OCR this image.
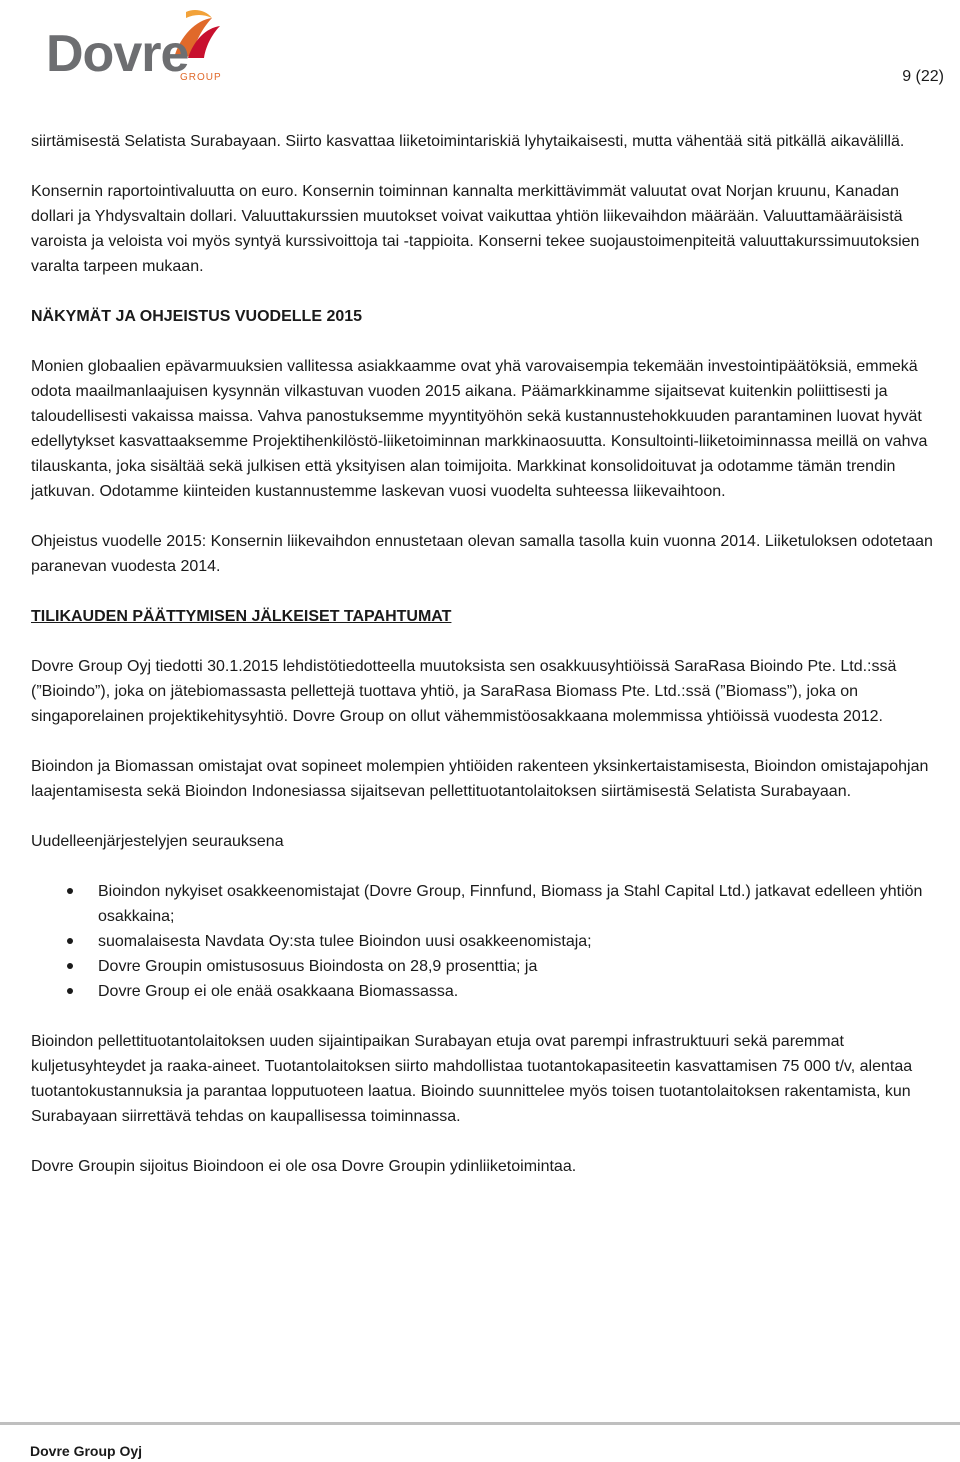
Dovre
GROUP	9 (22)

siirtämisestä Selatista Surabayaan. Siirto kasvattaa liiketoimintariskiä lyhytaikaisesti, mutta vähentää sitä pitkällä aikavälillä.

Konsernin raportointivaluutta on euro. Konsernin toiminnan kannalta merkittävimmät valuutat ovat Norjan kruunu, Kanadan dollari ja Yhdysvaltain dollari. Valuuttakurssien muutokset voivat vaikuttaa yhtiön liikevaihdon määrään. Valuuttamääräisistä varoista ja veloista voi myös syntyä kurssivoittoja tai -tappioita. Konserni tekee suojaustoimenpiteitä valuuttakurssimuutoksien varalta tarpeen mukaan.

NÄKYMÄT JA OHJEISTUS VUODELLE 2015

Monien globaalien epävarmuuksien vallitessa asiakkaamme ovat yhä varovaisempia tekemään investointipäätöksiä, emmekä odota maailmanlaajuisen kysynnän vilkastuvan vuoden 2015 aikana. Päämarkkinamme sijaitsevat kuitenkin poliittisesti ja taloudellisesti vakaissa maissa. Vahva panostuksemme myyntityöhön sekä kustannustehokkuuden parantaminen luovat hyvät edellytykset kasvattaaksemme Projektihenkilöstö-liiketoiminnan markkinaosuutta. Konsultointi-liiketoiminnassa meillä on vahva tilauskanta, joka sisältää sekä julkisen että yksityisen alan toimijoita. Markkinat konsolidoituvat ja odotamme tämän trendin jatkuvan. Odotamme kiinteiden kustannustemme laskevan vuosi vuodelta suhteessa liikevaihtoon.

Ohjeistus vuodelle 2015: Konsernin liikevaihdon ennustetaan olevan samalla tasolla kuin vuonna 2014. Liiketuloksen odotetaan paranevan vuodesta 2014.

TILIKAUDEN PÄÄTTYMISEN JÄLKEISET TAPAHTUMAT

Dovre Group Oyj tiedotti 30.1.2015 lehdistötiedotteella muutoksista sen osakkuusyhtiöissä SaraRasa Bioindo Pte. Ltd.:ssä (”Bioindo”), joka on jätebiomassasta pellettejä tuottava yhtiö, ja SaraRasa Biomass Pte. Ltd.:ssä (”Biomass”), joka on singaporelainen projektikehitysyhtiö. Dovre Group on ollut vähemmistöosakkaana molemmissa yhtiöissä vuodesta 2012.

Bioindon ja Biomassan omistajat ovat sopineet molempien yhtiöiden rakenteen yksinkertaistamisesta, Bioindon omistajapohjan laajentamisesta sekä Bioindon Indonesiassa sijaitsevan pellettituotantolaitoksen siirtämisestä Selatista Surabayaan.

Uudelleenjärjestelyjen seurauksena

Bioindon nykyiset osakkeenomistajat (Dovre Group, Finnfund, Biomass ja Stahl Capital Ltd.) jatkavat edelleen yhtiön osakkaina;
suomalaisesta Navdata Oy:sta tulee Bioindon uusi osakkeenomistaja;
Dovre Groupin omistusosuus Bioindosta on 28,9 prosenttia; ja
Dovre Group ei ole enää osakkaana Biomassassa.

Bioindon pellettituotantolaitoksen uuden sijaintipaikan Surabayan etuja ovat parempi infrastruktuuri sekä paremmat kuljetusyhteydet ja raaka-aineet. Tuotantolaitoksen siirto mahdollistaa tuotantokapasiteetin kasvattamisen 75 000 t/v, alentaa tuotantokustannuksia ja parantaa lopputuoteen laatua. Bioindo suunnittelee myös toisen tuotantolaitoksen rakentamista, kun Surabayaan siirrettävä tehdas on kaupallisessa toiminnassa.

Dovre Groupin sijoitus Bioindoon ei ole osa Dovre Groupin ydinliiketoimintaa.

Dovre Group Oyj
